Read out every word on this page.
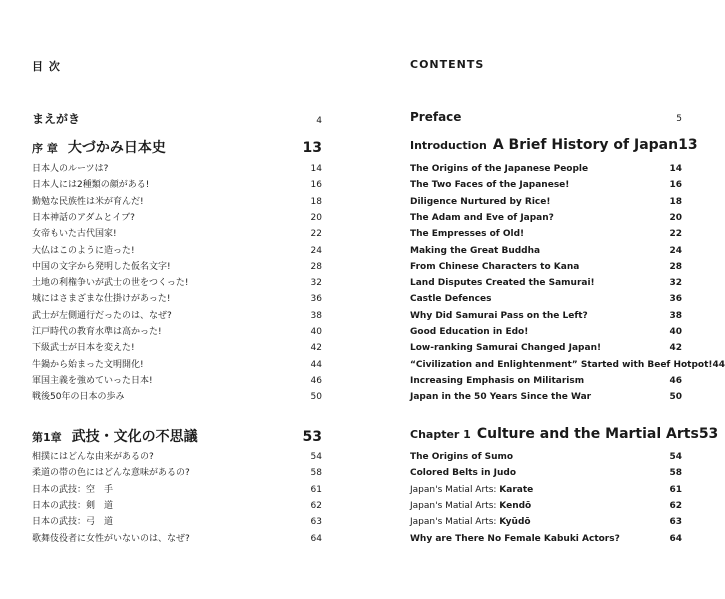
目 次
まえがき	4
序 章 大づかみ日本史	13
日本人のルーツは?	14
日本人には2種類の顔がある!	16
勤勉な民族性は米が育んだ!	18
日本神話のアダムとイブ?	20
女帝もいた古代国家!	22
大仏はこのように造った!	24
中国の文字から発明した仮名文字!	28
土地の利権争いが武士の世をつくった!	32
城にはさまざまな仕掛けがあった!	36
武士が左側通行だったのは、なぜ?	38
江戸時代の教育水準は高かった!	40
下級武士が日本を変えた!	42
牛鍋から始まった文明開化!	44
軍国主義を強めていった日本!	46
戦後50年の日本の歩み	50
第1章 武技・文化の不思議	53
相撲にはどんな由来があるの?	54
柔道の帯の色にはどんな意味があるの?	58
日本の武技：空　手	61
日本の武技：剣　道	62
日本の武技：弓　道	63
歌舞伎役者に女性がいないのは、なぜ?	64
CONTENTS
Preface	5
Introduction A Brief History of Japan 13
The Origins of the Japanese People	14
The Two Faces of the Japanese!	16
Diligence Nurtured by Rice!	18
The Adam and Eve of Japan?	20
The Empresses of Old!	22
Making the Great Buddha	24
From Chinese Characters to Kana	28
Land Disputes Created the Samurai!	32
Castle Defences	36
Why Did Samurai Pass on the Left?	38
Good Education in Edo!	40
Low-ranking Samurai Changed Japan!	42
“Civilization and Enlightenment” Started with Beef Hotpot! 44
Increasing Emphasis on Militarism	46
Japan in the 50 Years Since the War	50
Chapter 1 Culture and the Martial Arts 53
The Origins of Sumo	54
Colored Belts in Judo	58
Japan's Matial Arts: Karate	61
Japan's Matial Arts: Kendō	62
Japan's Matial Arts: Kyūdō	63
Why are There No Female Kabuki Actors?	64
